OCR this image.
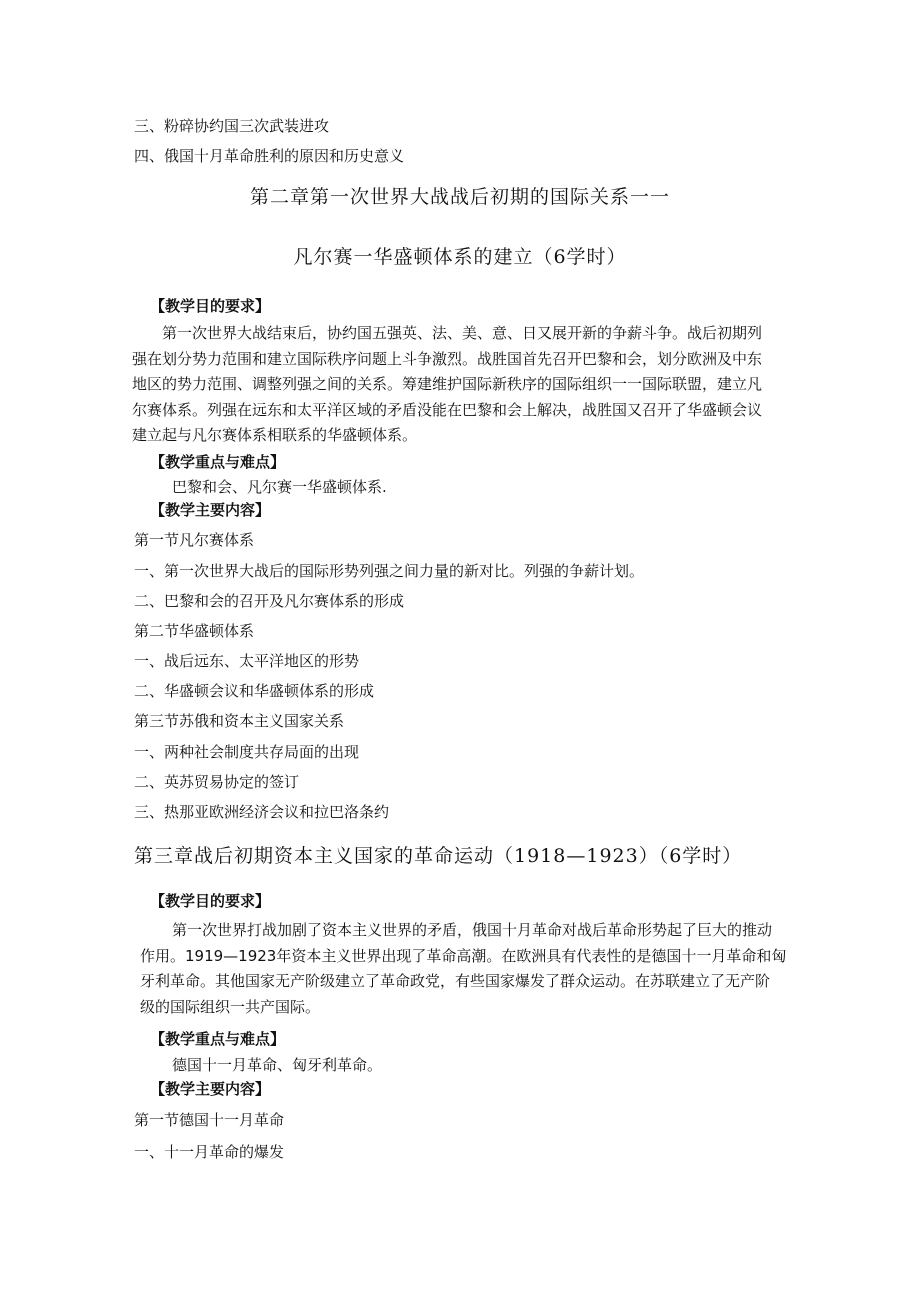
三、粉碎协约国三次武装进攻
四、俄国十月革命胜利的原因和历史意义
第二章第一次世界大战战后初期的国际关系一一
凡尔赛一华盛顿体系的建立（6学时）
【教学目的要求】

第一次世界大战结束后，协约国五强英、法、美、意、日又展开新的争薪斗争。战后初期列

强在划分势力范围和建立国际秩序问题上斗争激烈。战胜国首先召开巴黎和会，划分欧洲及中东

地区的势力范围、调整列强之间的关系。筹建维护国际新秩序的国际组织一一国际联盟，建立凡

尔赛体系。列强在远东和太平洋区域的矛盾没能在巴黎和会上解决，战胜国又召开了华盛顿会议

建立起与凡尔赛体系相联系的华盛顿体系。

【教学重点与难点】
巴黎和会、凡尔赛一华盛顿体系.
【教学主要内容】
第一节凡尔赛体系
一、第一次世界大战后的国际形势列强之间力量的新对比。列强的争薪计划。
二、巴黎和会的召开及凡尔赛体系的形成
第二节华盛顿体系
一、战后远东、太平洋地区的形势
二、华盛顿会议和华盛顿体系的形成
第三节苏俄和资本主义国家关系
一、两种社会制度共存局面的出现
二、英苏贸易协定的签订
三、热那亚欧洲经济会议和拉巴洛条约
第三章战后初期资本主义国家的革命运动（1918—1923）（6学时）
【教学目的要求】

第一次世界打战加剧了资本主义世界的矛盾，俄国十月革命对战后革命形势起了巨大的推动

作用。1919—1923年资本主义世界出现了革命高潮。在欧洲具有代表性的是德国十一月革命和匈

牙利革命。其他国家无产阶级建立了革命政党，有些国家爆发了群众运动。在苏联建立了无产阶

级的国际组织一共产国际。

【教学重点与难点】
德国十一月革命、匈牙利革命。
【教学主要内容】
第一节德国十一月革命
一、十一月革命的爆发
